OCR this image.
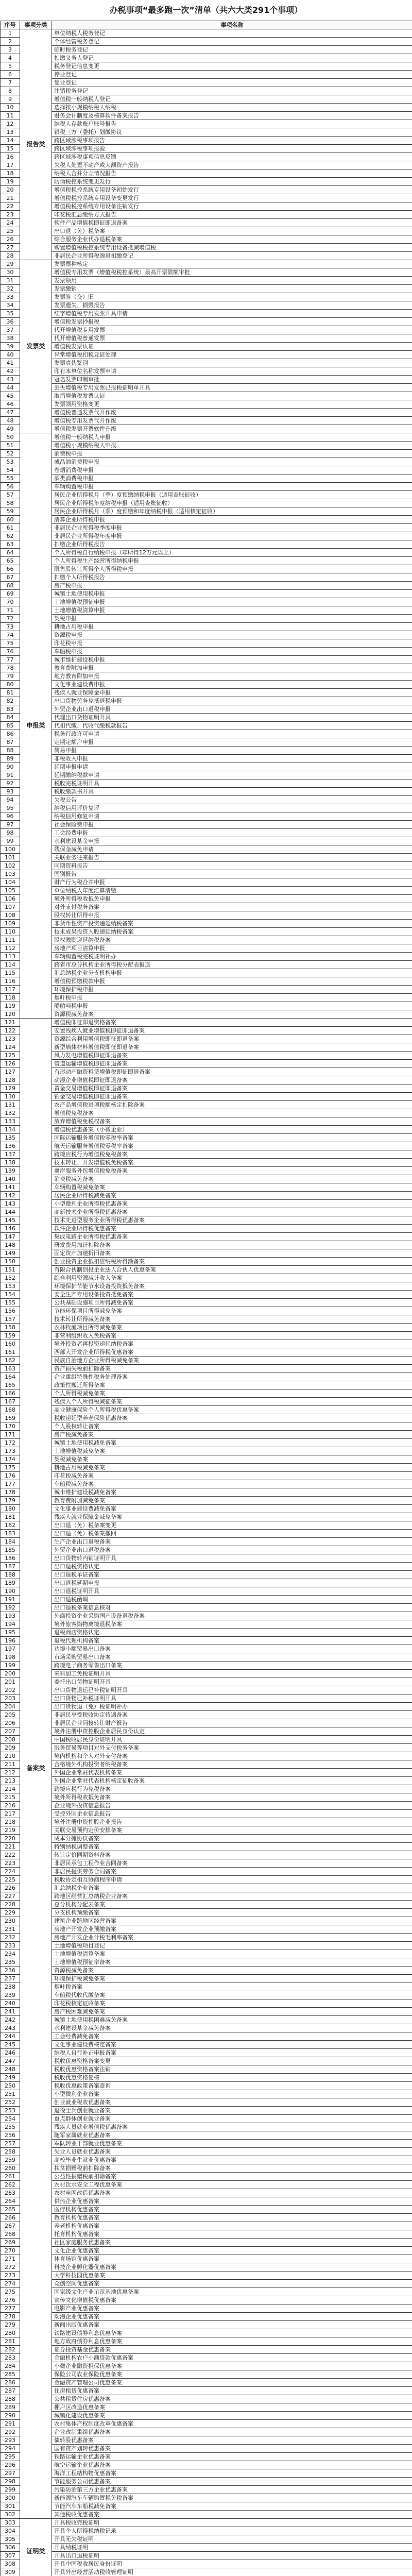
办税事项“最多跑一次”清单（共六大类291个事项）
序号	事项分类	事项名称
1	报告类	单位纳税人税务登记
2		个体经营税务登记
3		临时税务登记
4		扣缴义务人登记
5		税务登记信息变更
6		停业登记
7		复业登记
8		注销税务登记
9		增值税一般纳税人登记
10		选择按小规模纳税人纳税
11		财务会计制度及核算软件备案报告
12		纳税人存款账户账号报告
13		银税三方（委托）划缴协议
14		跨区域涉税事项报告
15		跨区域涉税事项报验
16		跨区域涉税事项信息反馈
17		欠税人处置不动产或大额资产报告
18		纳税人合并分立情况报告
19		防伪税控系统变更发行
20		增值税税控系统专用设备初始发行
21		增值税税控系统专用设备变更发行
22		增值税税控系统专用设备注销发行
23		印花税汇总缴纳方式报告
24		软件产品增值税即征即退备案
25		出口退（免）税备案
26		综合服务企业代办退税备案
27		购置增值税税控系统专用设备抵减增值税
28		非居民企业所得税源泉扣缴登记
29	发票类	发票票种核定
30		增值税专用发票（增值税税控系统）最高开票限额审批
31		发票领用
32		发票缴销
33		发票验（交）旧
34		发票遗失、损毁报告
35		红字增值税专用发票开具申请
36		增值税发票抄报税
37		代开增值税专用发票
38		代开增值税普通发票
39		增值税发票认证
40		异常增值税扣税凭证处理
41		发票真伪鉴别
42		印有本单位名称发票申请
43		冠名发票印制审批
44		丢失增值税专用发票已报税证明单开具
45		取消增值税发票认证
46		发票领用资格变更
47		增值税普通发票代开作废
48		增值税专用发票代开作废
49		增值税发票开票软件升级
50	申报类	增值税一般纳税人申报
51		增值税小规模纳税人申报
52		消费税申报
53		成品油消费税申报
54		卷烟消费税申报
55		酒类消费税申报
56		车辆购置税申报
57		居民企业所得税月（季）度预缴纳税申报（适用查账征收）
58		居民企业所得税年度纳税申报（适用查账征收）
59		居民企业所得税月（季）度预缴和年度纳税申报（适用核定征收）
60		清算企业所得税申报
61		非居民企业所得税季度申报
62		非居民企业所得税年度申报
63		扣缴企业所得税报告
64		个人所得税自行纳税申报（年所得12万元以上）
65		个人所得税生产经营所得纳税申报
66		限售股转让所得个人所得税申报
67		扣缴个人所得税报告
68		房产税申报
69		城镇土地使用税申报
70		土地增值税预征申报
71		土地增值税清算申报
72		契税申报
73		耕地占用税申报
74		资源税申报
75		印花税申报
76		车船税申报
77		城市维护建设税申报
78		教育费附加申报
79		地方教育附加申报
80		文化事业建设费申报
81		残疾人就业保障金申报
82		出口货物劳务免抵退税申报
83		外贸企业出口退税申报
84		代理出口货物证明开具
85		代扣代缴、代收代缴税款报告
86		税务行政许可申请
87		定期定额户申报
88		简易申报
89		非税收入申报
90		延期申报申请
91		延期缴纳税款申请
92		税收完税证明开具
93		税收缴款书开具
94		欠税公告
95		纳税信用评价复评
96		纳税信用修复申请
97		社会保险费申报
98		工会经费申报
99		水利建设基金申报
100		残保金减免申请
101		关联业务往来报告
102		同期资料报告
103		国别报告
104		财产行为税合并申报
105		单位纳税人年度汇算清缴
106		境外所得税收抵免申报
107		对外支付税务备案
108		股权转让所得申报
109		非货币性资产投资递延纳税备案
110		技术成果投资入股递延纳税备案
111		股权激励递延纳税备案
112		房地产项目清算申报
113		车辆购置税完税证明补办
114		跨省市总分机构企业所得税分配表报送
115		汇总纳税企业分支机构申报
116		增值税预缴税款申报
117		环境保护税申报
118		烟叶税申报
119		船舶吨税申报
120		资源税减免备案
121	备案类	增值税即征即退资格备案
122		安置残疾人就业增值税即征即退备案
123		资源综合利用增值税即征即退备案
124		新型墙体材料增值税即征即退备案
125		风力发电增值税即征即退备案
126		管道运输增值税即征即退备案
127		有形动产融资租赁增值税即征即退备案
128		动漫企业增值税即征即退备案
129		黄金交易增值税即征即退备案
130		铂金交易增值税即征即退备案
131		农产品增值税进项税额核定扣除备案
132		增值税免税备案
133		放弃增值税免税权备案
134		增值税优惠备案（小微企业）
135		国际运输服务增值税零税率备案
136		航天运输服务增值税零税率备案
137		跨境应税行为增值税免税备案
138		技术转让、开发增值税免税备案
139		离岸服务外包增值税免税备案
140		消费税减免备案
141		车辆购置税减免备案
142		居民企业所得税减免备案
143		小型微利企业所得税优惠备案
144		高新技术企业所得税优惠备案
145		技术先进型服务企业所得税优惠备案
146		软件企业所得税优惠备案
147		集成电路企业所得税优惠备案
148		研发费用加计扣除备案
149		固定资产加速折旧备案
150		创业投资企业抵扣应纳税所得额备案
151		有限合伙制创投企业法人合伙人优惠备案
152		综合利用资源减计收入备案
153		环境保护节能节水设备投资抵免备案
154		安全生产专用设备投资抵免备案
155		公共基础设施项目所得减免备案
156		节能环保项目所得减免备案
157		技术转让所得减免备案
158		农林牧渔项目所得减免备案
159		非营利组织收入免税备案
160		境外投资者再投资递延纳税备案
161		西部大开发企业所得税优惠备案
162		民族自治地方企业所得税减免备案
163		资产损失税前扣除备案
164		企业重组特殊性税务处理备案
165		政策性搬迁所得备案
166		个人所得税减免备案
167		残疾人个人所得税减征备案
168		商业健康保险个人所得税优惠备案
169		税收递延型养老保险优惠备案
170		个人股权转让备案
171		房产税减免备案
172		城镇土地使用税减免备案
173		土地增值税减免备案
174		契税减免备案
175		耕地占用税减免备案
176		印花税减免备案
177		车船税减免备案
178		城市维护建设税减免备案
179		教育费附加减免备案
180		文化事业建设费减免备案
181		残疾人就业保障金减免备案
182		出口退（免）税备案变更
183		出口退（免）税备案撤回
184		生产企业出口退税备案
185		外贸企业出口退税备案
186		出口货物转内销证明开具
187		出口退税资格认定
188		出口退税单证备案
189		出口退税延期申报
190		出口退税证明开具
191		出口退税函调
192		出口退税备案信息核对
193		外商投资企业采购国产设备退税备案
194		境外旅客购物离境退税备案
195		退税商店资格认定
196		退税代理机构备案
197		边境小额贸易出口备案
198		市场采购贸易出口备案
199		跨境电子商务零售出口备案
200		来料加工免税证明开具
201		委托出口货物证明开具
202		出口货物退运已补税证明开具
203		出口货物已补税证明开具
204		出口货物退（免）税证明补办
205		非居民享受税收协定待遇备案
206		非居民企业间接转让财产报告
207		境外注册中资控股企业居民身份认定
208		中国税收居民身份证明开具
209		服务贸易等项目对外支付税务备案
210		境内机构和个人对外支付备案
211		合格境外机构投资者纳税备案
212		外国企业常驻代表机构备案
213		外国企业常驻代表机构核定征收备案
214		跨境应税行为免税备案
215		境外所得税收抵免备案
216		企业境外投资信息报告
217		受控外国企业信息报告
218		境外注册中资控股企业报告
219		关联交易预约定价安排备案
220		成本分摊协议备案
221		特别纳税调整备案
222		转让定价同期资料备案
223		非居民承包工程作业合同备案
224		非居民提供劳务合同备案
225		税收协定相互协商程序申请
226		汇总纳税企业备案
227		跨地区经营汇总纳税企业备案
228		总分机构分配表备案
229		分支机构预缴备案
230		建筑企业跨地区经营备案
231		房地产开发企业预缴备案
232		房地产开发企业计税毛利率备案
233		土地增值税项目登记
234		土地增值税清算备案
235		土地增值税预征率备案
236		资源税减免备案
237		环境保护税减免备案
238		烟叶税备案
239		车船税代收代缴备案
240		印花税核定征收备案
241		房产税困难减免备案
242		城镇土地使用税困难减免备案
243		水利建设基金减免备案
244		工会经费减免备案
245		文化事业建设费核定备案
246		纳税人自行补正申报备案
247		税收优惠资格备案变更
248		税收优惠资格备案注销
249		税收优惠资格复核
250		税收优惠政策备案查询
251		小型微利企业备案
252		创业就业税收优惠备案
253		退役士兵创业就业备案
254		重点群体创业就业备案
255		残疾人员就业增值税优惠备案
256		随军家属就业优惠备案
257		军队转业干部就业优惠备案
258		失业人员就业优惠备案
259		高校毕业生就业优惠备案
260		扶贫捐赠税前扣除备案
261		公益性捐赠税前扣除备案
262		农村饮水安全工程优惠备案
263		农村电网改造优惠备案
264		供热企业优惠备案
265		医疗机构优惠备案
266		教育机构优惠备案
267		养老机构优惠备案
268		托育机构优惠备案
269		社区家庭服务优惠备案
270		文化企业优惠备案
271		体育场馆优惠备案
272		科技企业孵化器优惠备案
273		大学科技园优惠备案
274		众创空间优惠备案
275		国家级文化产业示范基地优惠备案
276		宣传文化增值税优惠备案
277		电影产业优惠备案
278		动漫企业优惠备案
279		新闻出版优惠备案
280		铁路建设债券利息优惠备案
281		地方政府债券利息优惠备案
282		证券投资基金优惠备案
283		金融机构农户小额贷款优惠备案
284		小微企业融资担保优惠备案
285		保险公司农业保险优惠备案
286		金融资产管理公司优惠备案
287		住房租赁优惠备案
288		公共租赁住房优惠备案
289		棚户区改造优惠备案
290		城镇化建设优惠备案
291		农村集体产权制度改革优惠备案
292		企业改制重组优惠备案
293		债转股优惠备案
294		国有资产划转优惠备案
295		铁路运输企业优惠备案
296		航空运输企业优惠备案
297		海洋工程结构物优惠备案
298		节能服务公司优惠备案
299		污染防治第三方企业优惠备案
300		新能源汽车车辆购置税免税备案
301		节能汽车车船税减免备案
302		其他税收优惠备案
303	证明类	开具税收完税证明
304		开具个人所得税纳税记录
305		开具无欠税证明
306		开具纳税证明
307		开具出口退税证明
308		开具中国税收居民身份证明
309		开具外出经营活动税收管理证明
